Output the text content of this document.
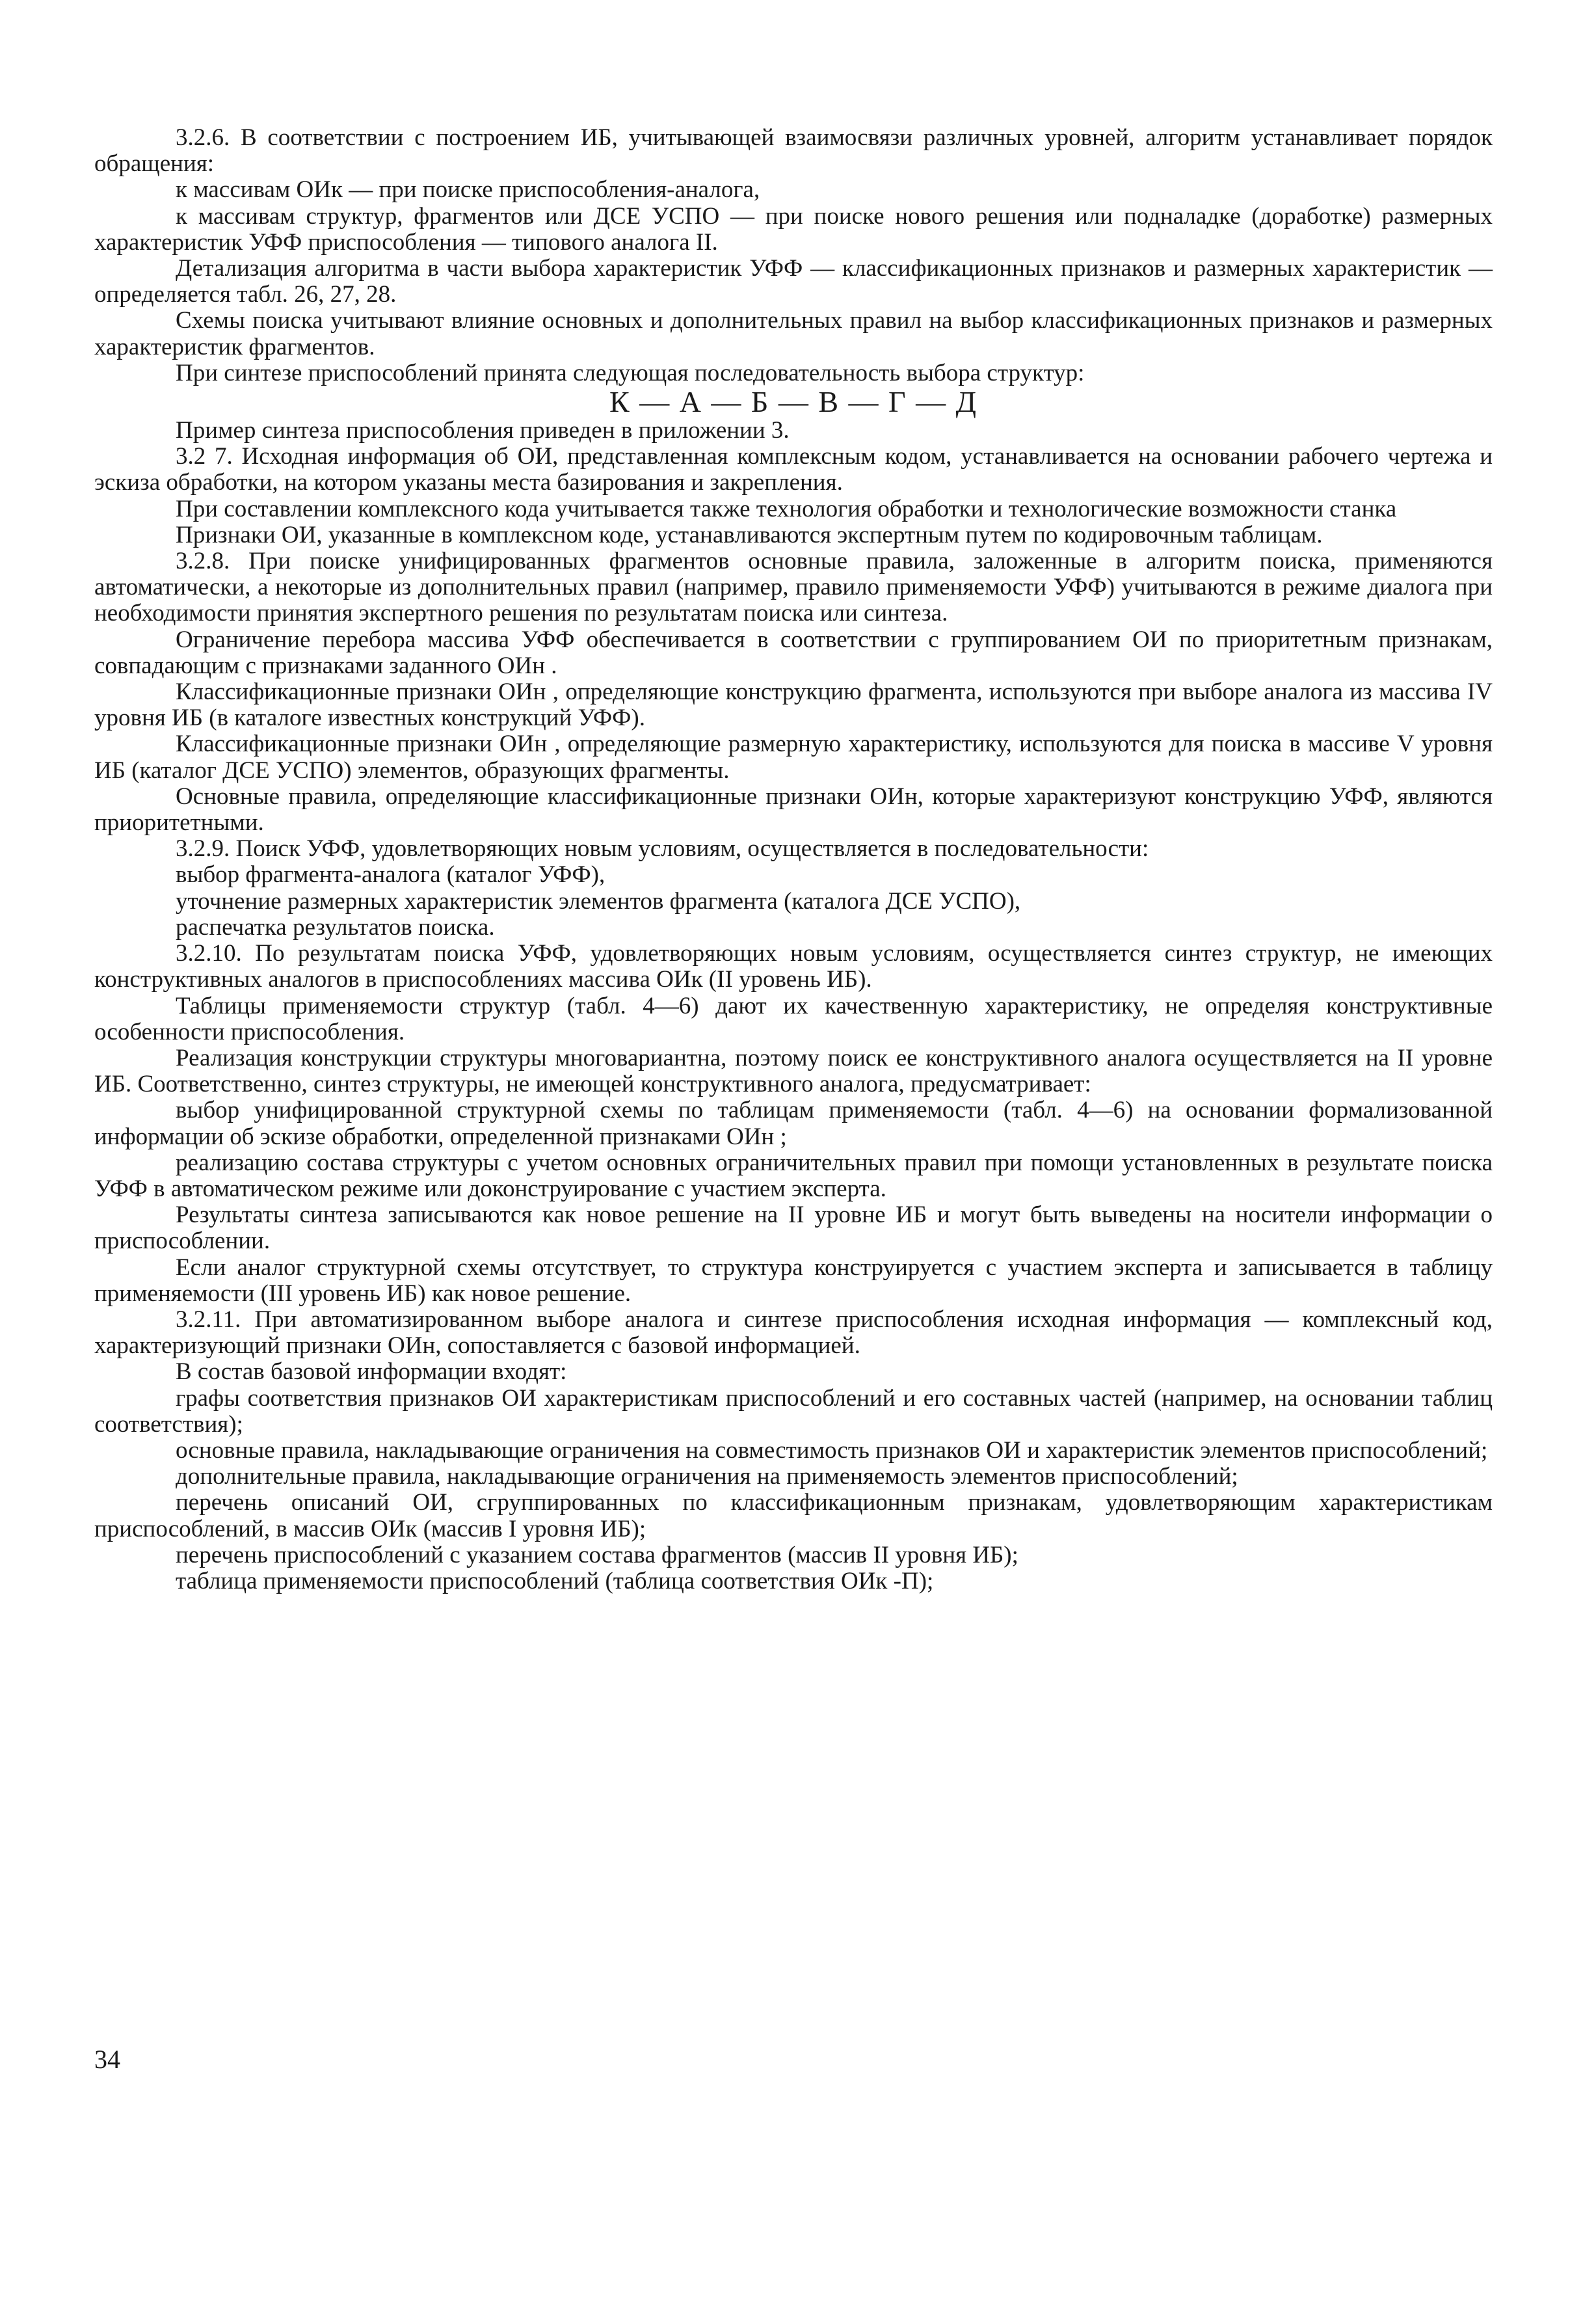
3.2.6. В соответствии с построением ИБ, учитывающей взаимосвязи различных уровней, алгоритм устанавливает порядок обращения:

к массивам ОИк — при поиске приспособления-аналога,

к массивам структур, фрагментов или ДСЕ УСПО — при поиске нового решения или подналадке (доработке) размерных характеристик УФФ приспособления — типового аналога II.

Детализация алгоритма в части выбора характеристик УФФ — классификационных признаков и размерных характеристик — определяется табл. 26, 27, 28.

Схемы поиска учитывают влияние основных и дополнительных правил на выбор классификационных признаков и размерных характеристик фрагментов.

При синтезе приспособлений принята следующая последовательность выбора структур:

К — А — Б — В — Г — Д

Пример синтеза приспособления приведен в приложении 3.

3.2 7. Исходная информация об ОИ, представленная комплексным кодом, устанавливается на основании рабочего чертежа и эскиза обработки, на котором указаны места базирования и закрепления.

При составлении комплексного кода учитывается также технология обработки и технологические возможности станка

Признаки ОИ, указанные в комплексном коде, устанавливаются экспертным путем по кодировочным таблицам.

3.2.8. При поиске унифицированных фрагментов основные правила, заложенные в алгоритм поиска, применяются автоматически, а некоторые из дополнительных правил (например, правило применяемости УФФ) учитываются в режиме диалога при необходимости принятия экспертного решения по результатам поиска или синтеза.

Ограничение перебора массива УФФ обеспечивается в соответствии с группированием ОИ по приоритетным признакам, совпадающим с признаками заданного ОИн .

Классификационные признаки ОИн , определяющие конструкцию фрагмента, используются при выборе аналога из массива IV уровня ИБ (в каталоге известных конструкций УФФ).

Классификационные признаки ОИн , определяющие размерную характеристику, используются для поиска в массиве V уровня ИБ (каталог ДСЕ УСПО) элементов, образующих фрагменты.

Основные правила, определяющие классификационные признаки ОИн, которые характеризуют конструкцию УФФ, являются приоритетными.

3.2.9. Поиск УФФ, удовлетворяющих новым условиям, осуществляется в последовательности:

выбор фрагмента-аналога (каталог УФФ),

уточнение размерных характеристик элементов фрагмента (каталога ДСЕ УСПО),

распечатка результатов поиска.

3.2.10. По результатам поиска УФФ, удовлетворяющих новым условиям, осуществляется синтез структур, не имеющих конструктивных аналогов в приспособлениях массива ОИк (II уровень ИБ).

Таблицы применяемости структур (табл. 4—6) дают их качественную характеристику, не определяя конструктивные особенности приспособления.

Реализация конструкции структуры многовариантна, поэтому поиск ее конструктивного аналога осуществляется на II уровне ИБ. Соответственно, синтез структуры, не имеющей конструктивного аналога, предусматривает:

выбор унифицированной структурной схемы по таблицам применяемости (табл. 4—6) на основании формализованной информации об эскизе обработки, определенной признаками ОИн ;

реализацию состава структуры с учетом основных ограничительных правил при помощи установленных в результате поиска УФФ в автоматическом режиме или доконструирование с участием эксперта.

Результаты синтеза записываются как новое решение на II уровне ИБ и могут быть выведены на носители информации о приспособлении.

Если аналог структурной схемы отсутствует, то структура конструируется с участием эксперта и записывается в таблицу применяемости (III уровень ИБ) как новое решение.

3.2.11. При автоматизированном выборе аналога и синтезе приспособления исходная информация — комплексный код, характеризующий признаки ОИн, сопоставляется с базовой информацией.

В состав базовой информации входят:

графы соответствия признаков ОИ характеристикам приспособлений и его составных частей (например, на основании таблиц соответствия);

основные правила, накладывающие ограничения на совместимость признаков ОИ и характеристик элементов приспособлений;

дополнительные правила, накладывающие ограничения на применяемость элементов приспособлений;

перечень описаний ОИ, сгруппированных по классификационным признакам, удовлетворяющим характеристикам приспособлений, в массив ОИк (массив I уровня ИБ);

перечень приспособлений с указанием состава фрагментов (массив II уровня ИБ);

таблица применяемости приспособлений (таблица соответствия ОИк -П);

34
